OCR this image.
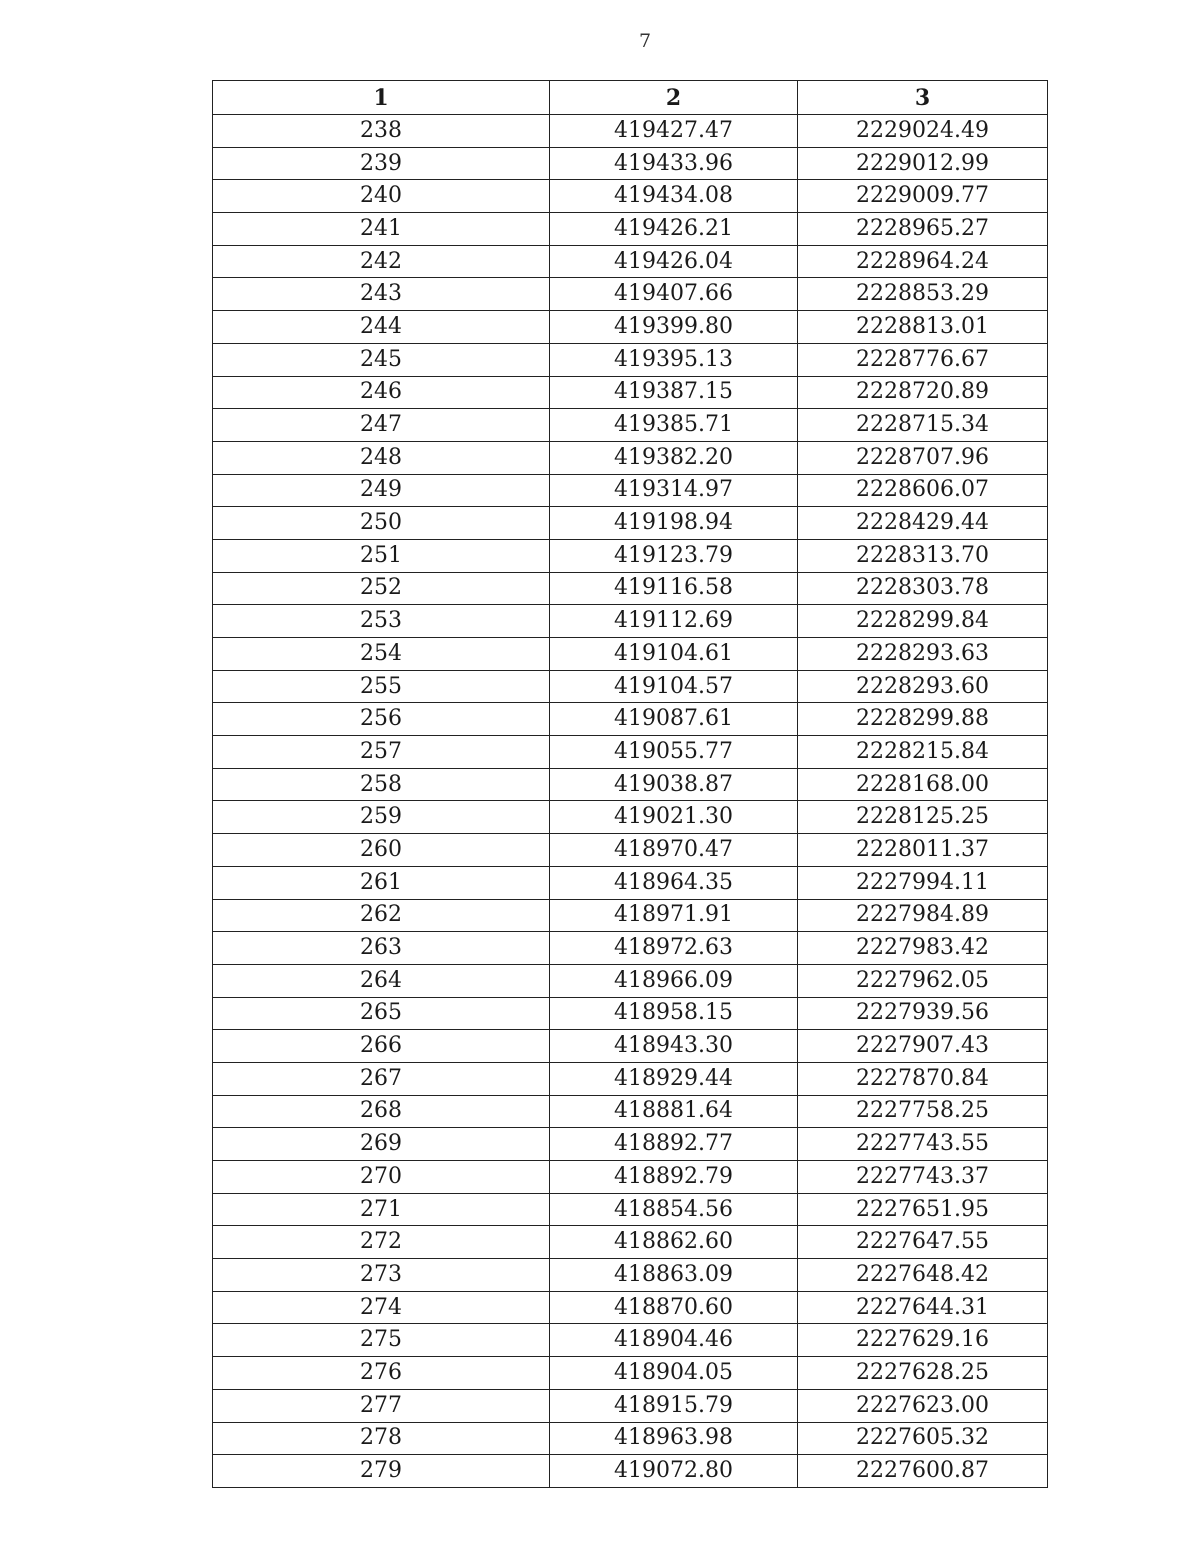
7
1	2	3
238	419427.47	2229024.49
239	419433.96	2229012.99
240	419434.08	2229009.77
241	419426.21	2228965.27
242	419426.04	2228964.24
243	419407.66	2228853.29
244	419399.80	2228813.01
245	419395.13	2228776.67
246	419387.15	2228720.89
247	419385.71	2228715.34
248	419382.20	2228707.96
249	419314.97	2228606.07
250	419198.94	2228429.44
251	419123.79	2228313.70
252	419116.58	2228303.78
253	419112.69	2228299.84
254	419104.61	2228293.63
255	419104.57	2228293.60
256	419087.61	2228299.88
257	419055.77	2228215.84
258	419038.87	2228168.00
259	419021.30	2228125.25
260	418970.47	2228011.37
261	418964.35	2227994.11
262	418971.91	2227984.89
263	418972.63	2227983.42
264	418966.09	2227962.05
265	418958.15	2227939.56
266	418943.30	2227907.43
267	418929.44	2227870.84
268	418881.64	2227758.25
269	418892.77	2227743.55
270	418892.79	2227743.37
271	418854.56	2227651.95
272	418862.60	2227647.55
273	418863.09	2227648.42
274	418870.60	2227644.31
275	418904.46	2227629.16
276	418904.05	2227628.25
277	418915.79	2227623.00
278	418963.98	2227605.32
279	419072.80	2227600.87
